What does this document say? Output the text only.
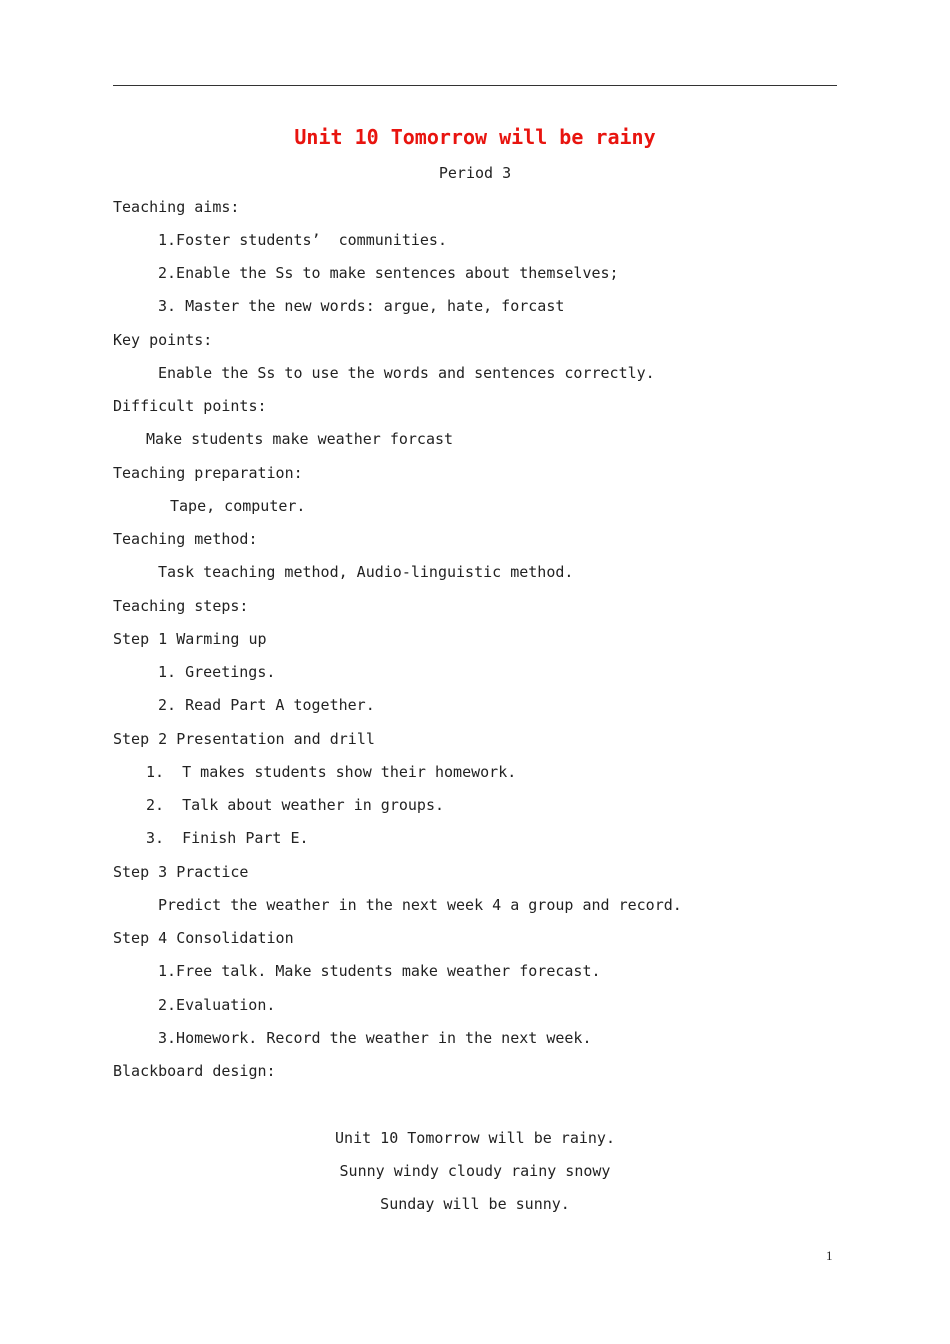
Unit 10 Tomorrow will be rainy
Period 3
Teaching aims:
1.Foster students’  communities.
2.Enable the Ss to make sentences about themselves;
3. Master the new words: argue, hate, forcast
Key points:
Enable the Ss to use the words and sentences correctly.
Difficult points:
Make students make weather forcast
Teaching preparation:
Tape, computer.
Teaching method:
Task teaching method, Audio-linguistic method.
Teaching steps:
Step 1 Warming up
1. Greetings.
2. Read Part A together.
Step 2 Presentation and drill
1.  T makes students show their homework.
2.  Talk about weather in groups.
3.  Finish Part E.
Step 3 Practice
Predict the weather in the next week 4 a group and record.
Step 4 Consolidation
1.Free talk. Make students make weather forecast.
2.Evaluation.
3.Homework. Record the weather in the next week.
Blackboard design:
Unit 10 Tomorrow will be rainy.
Sunny windy cloudy rainy snowy
Sunday will be sunny.
1
